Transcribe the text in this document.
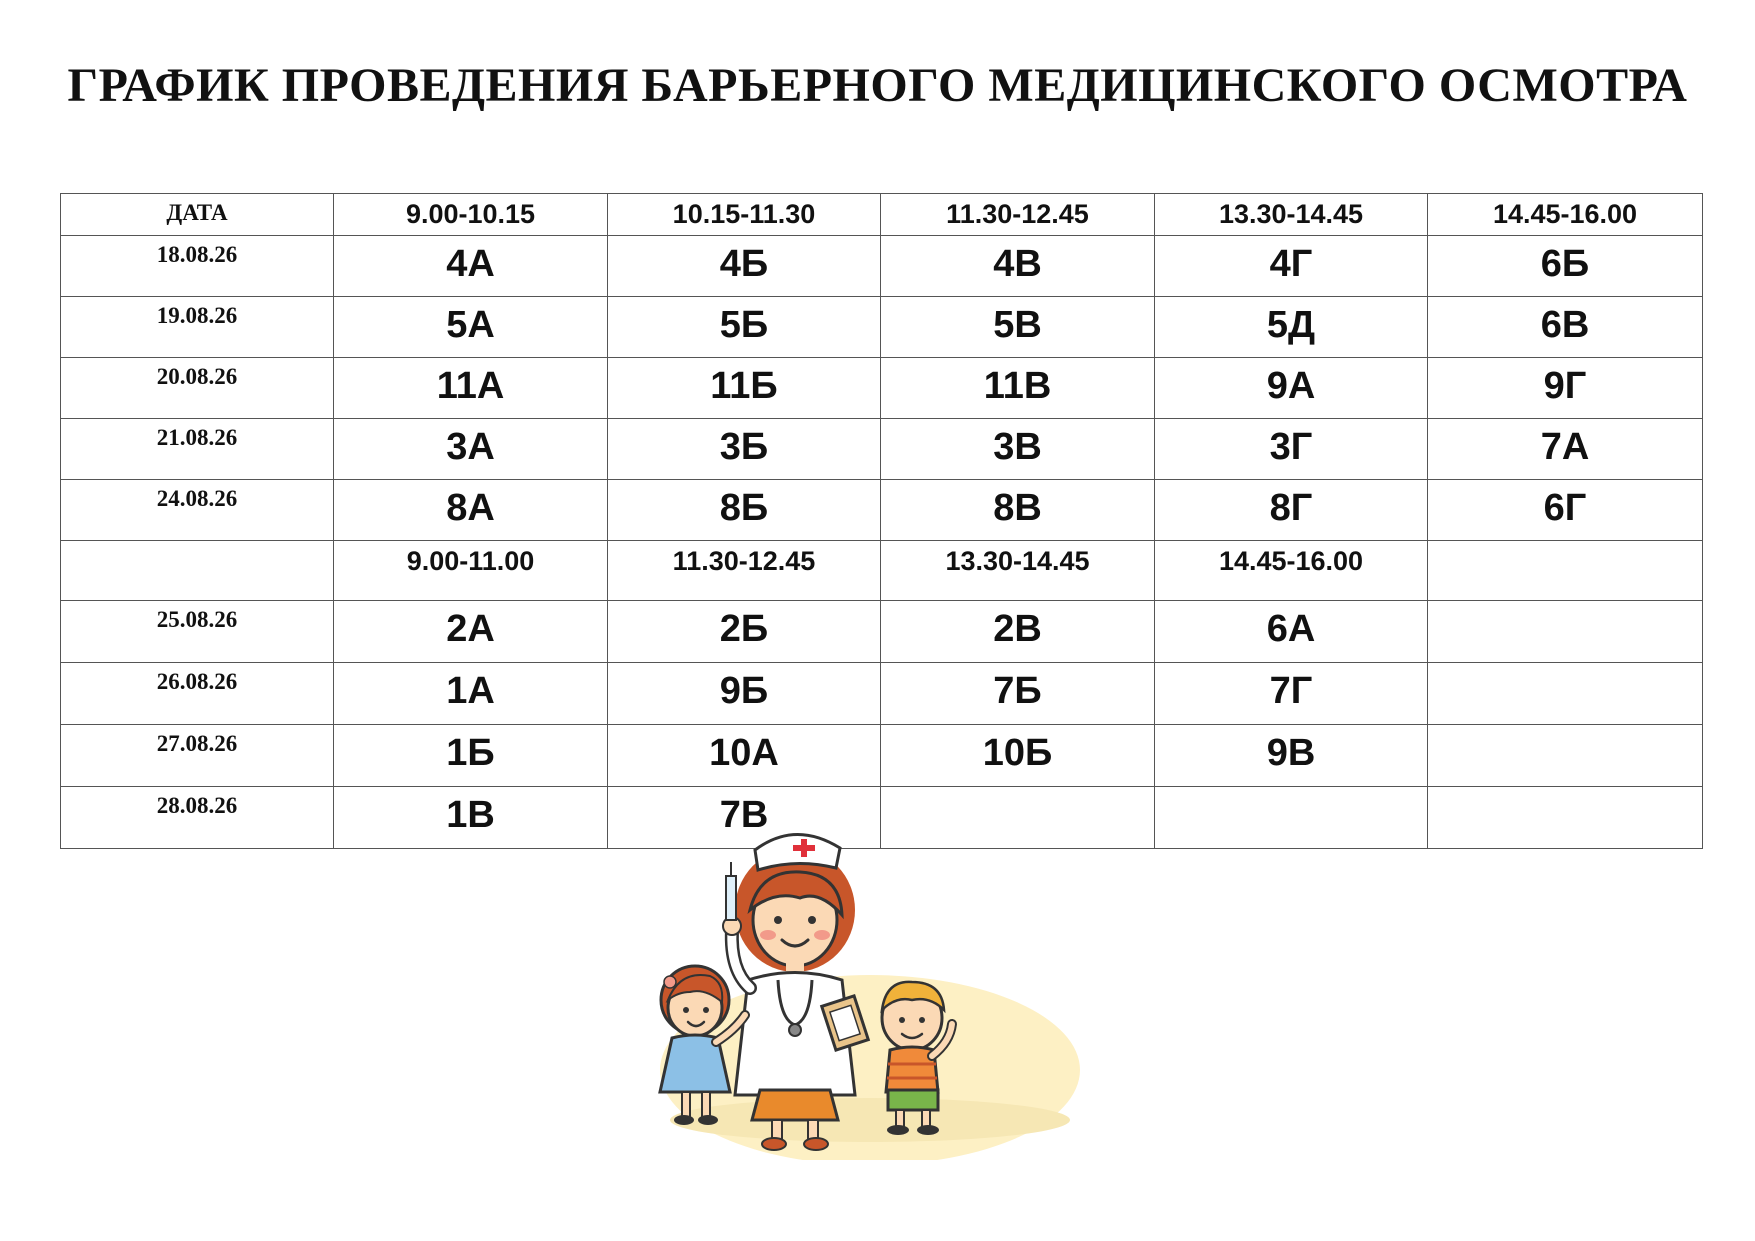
ГРАФИК ПРОВЕДЕНИЯ БАРЬЕРНОГО МЕДИЦИНСКОГО ОСМОТРА
ДАТА	9.00-10.15	10.15-11.30	11.30-12.45	13.30-14.45	14.45-16.00
18.08.26	4А	4Б	4В	4Г	6Б
19.08.26	5А	5Б	5В	5Д	6В
20.08.26	11А	11Б	11В	9А	9Г
21.08.26	3А	3Б	3В	3Г	7А
24.08.26	8А	8Б	8В	8Г	6Г
	9.00-11.00	11.30-12.45	13.30-14.45	14.45-16.00	
25.08.26	2А	2Б	2В	6А	
26.08.26	1А	9Б	7Б	7Г	
27.08.26	1Б	10А	10Б	9В	
28.08.26	1В	7В			
